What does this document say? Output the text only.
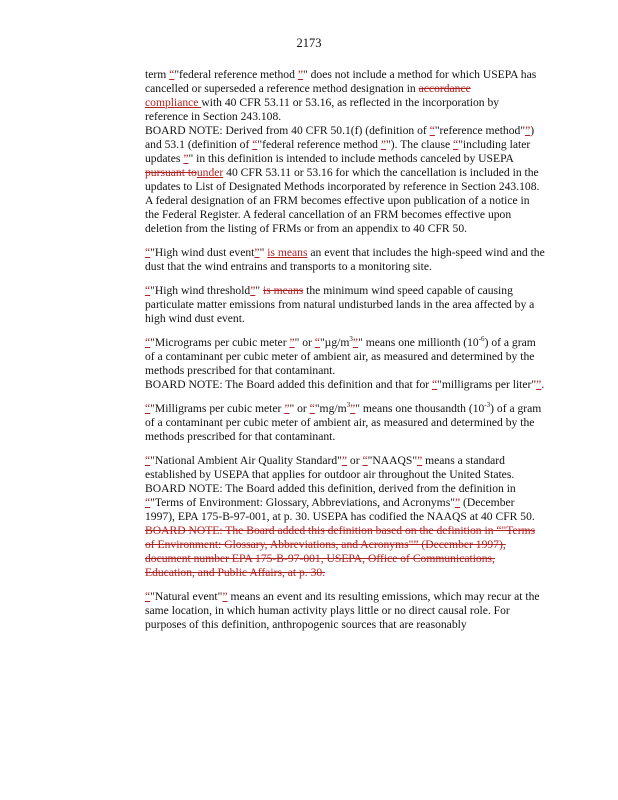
2173

term “"federal reference method ”" does not include a method for which USEPA has cancelled or superseded a reference method designation in accordance
compliance with 40 CFR 53.11 or 53.16, as reflected in the incorporation by reference in Section 243.108.

BOARD NOTE: Derived from 40 CFR 50.1(f) (definition of “"reference method"”) and 53.1 (definition of “"federal reference method ”"). The clause “"including later updates ”" in this definition is intended to include methods canceled by USEPA pursuant tounder 40 CFR 53.11 or 53.16 for which the cancellation is included in the updates to List of Designated Methods incorporated by reference in Section 243.108. A federal designation of an FRM becomes effective upon publication of a notice in the Federal Register. A federal cancellation of an FRM becomes effective upon deletion from the listing of FRMs or from an appendix to 40 CFR 50.

“"High wind dust event”" is means an event that includes the high-speed wind and the dust that the wind entrains and transports to a monitoring site.

“"High wind threshold”" is means the minimum wind speed capable of causing particulate matter emissions from natural undisturbed lands in the area affected by a high wind dust event.

“"Micrograms per cubic meter ”" or “"$\mu g/m^3$”" means one millionth $(10^{-6})$ of a gram of a contaminant per cubic meter of ambient air, as measured and determined by the methods prescribed for that contaminant.

BOARD NOTE: The Board added this definition and that for “"milligrams per liter"”.

“"Milligrams per cubic meter ”" or “"$mg/m^3$”" means one thousandth $(10^{-3})$ of a gram of a contaminant per cubic meter of ambient air, as measured and determined by the methods prescribed for that contaminant.

“"National Ambient Air Quality Standard"” or “"NAAQS"” means a standard established by USEPA that applies for outdoor air throughout the United States.

BOARD NOTE: The Board added this definition, derived from the definition in “"Terms of Environment: Glossary, Abbreviations, and Acronyms"” (December 1997), EPA 175-B-97-001, at p. 30. USEPA has codified the NAAQS at 40 CFR 50.

BOARD NOTE: The Board added this definition based on the definition in “"Terms of Environment: Glossary, Abbreviations, and Acronyms"” (December 1997), document number EPA 175-B-97-001, USEPA, Office of Communications, Education, and Public Affairs, at p. 30.

“"Natural event"” means an event and its resulting emissions, which may recur at the same location, in which human activity plays little or no direct causal role. For purposes of this definition, anthropogenic sources that are reasonably
